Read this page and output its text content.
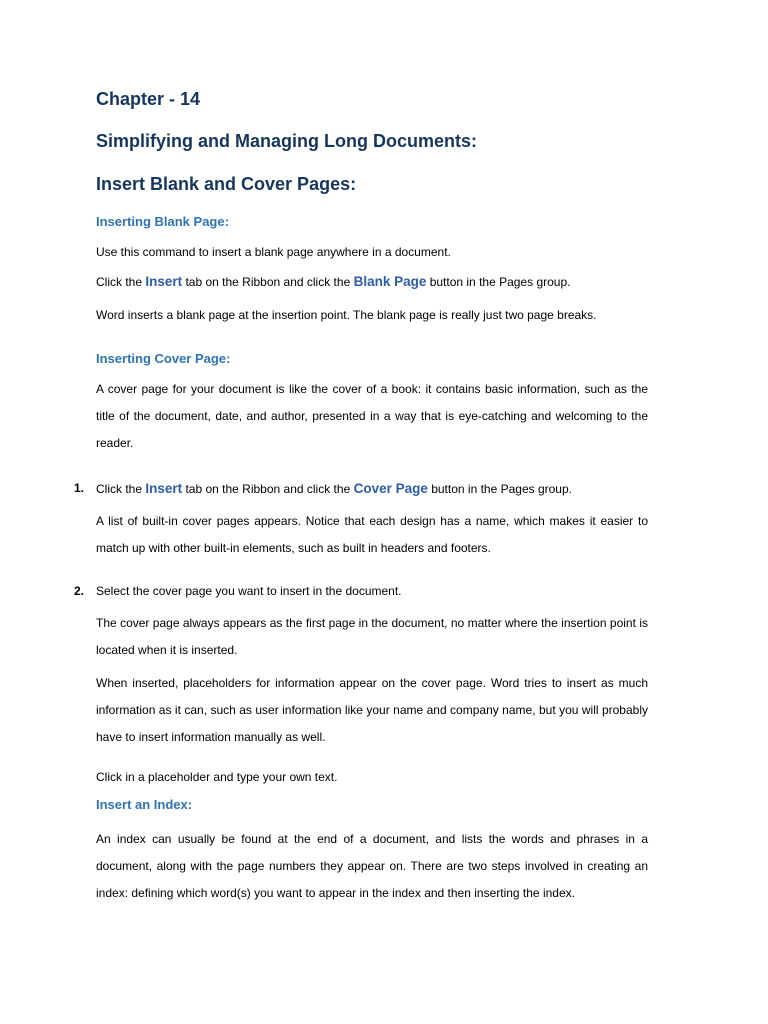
Chapter - 14
Simplifying and Managing Long Documents:
Insert Blank and Cover Pages:
Inserting Blank Page:
Use this command to insert a blank page anywhere in a document.
Click the Insert tab on the Ribbon and click the Blank Page button in the Pages group.
Word inserts a blank page at the insertion point. The blank page is really just two page breaks.
Inserting Cover Page:
A cover page for your document is like the cover of a book: it contains basic information, such as the title of the document, date, and author, presented in a way that is eye-catching and welcoming to the reader.
1. Click the Insert tab on the Ribbon and click the Cover Page button in the Pages group.
A list of built-in cover pages appears. Notice that each design has a name, which makes it easier to match up with other built-in elements, such as built in headers and footers.
2. Select the cover page you want to insert in the document.
The cover page always appears as the first page in the document, no matter where the insertion point is located when it is inserted.
When inserted, placeholders for information appear on the cover page. Word tries to insert as much information as it can, such as user information like your name and company name, but you will probably have to insert information manually as well.
Click in a placeholder and type your own text.
Insert an Index:
An index can usually be found at the end of a document, and lists the words and phrases in a document, along with the page numbers they appear on. There are two steps involved in creating an index: defining which word(s) you want to appear in the index and then inserting the index.
